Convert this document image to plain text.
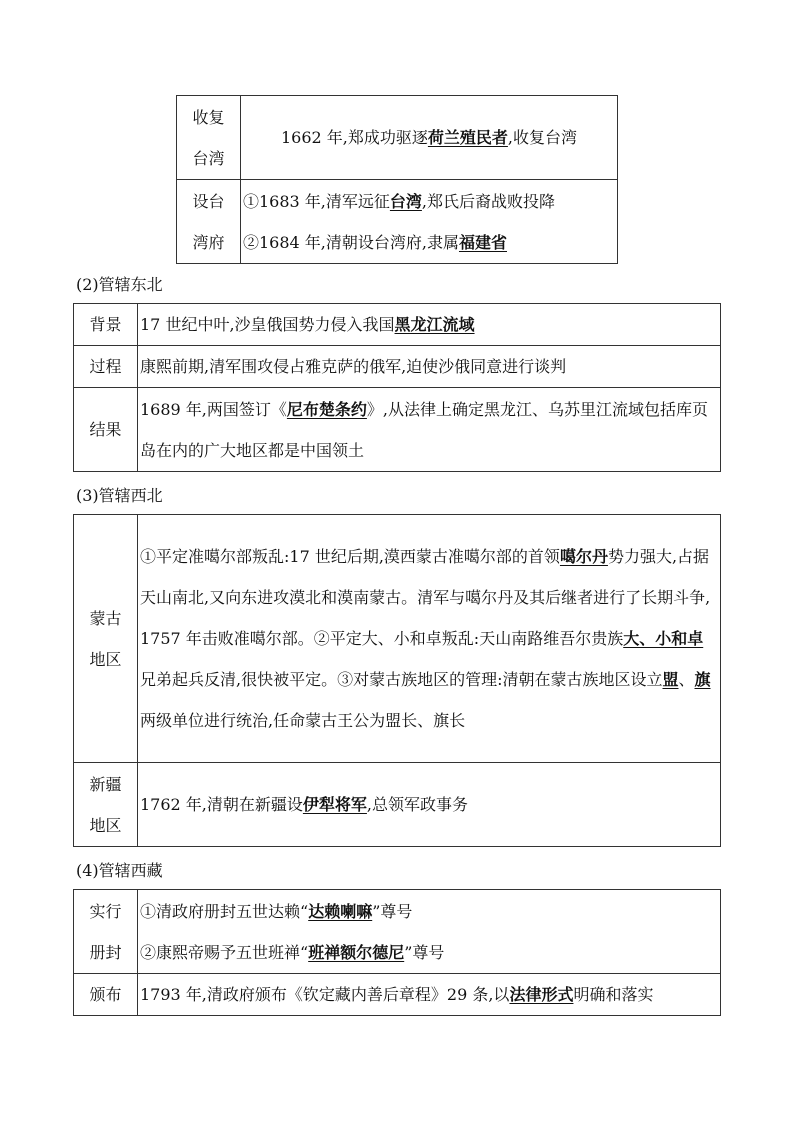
收复台湾	1662 年,郑成功驱逐荷兰殖民者,收复台湾
设台湾府	①1683 年,清军远征台湾,郑氏后裔战败投降
②1684 年,清朝设台湾府,隶属福建省
(2)管辖东北
背景	17 世纪中叶,沙皇俄国势力侵入我国黑龙江流域
过程	康熙前期,清军围攻侵占雅克萨的俄军,迫使沙俄同意进行谈判
结果	1689 年,两国签订《尼布楚条约》,从法律上确定黑龙江、乌苏里江流域包括库页岛在内的广大地区都是中国领土
(3)管辖西北
蒙古地区	①平定准噶尔部叛乱:17 世纪后期,漠西蒙古准噶尔部的首领噶尔丹势力强大,占据天山南北,又向东进攻漠北和漠南蒙古。清军与噶尔丹及其后继者进行了长期斗争, 1757 年击败准噶尔部。②平定大、小和卓叛乱:天山南路维吾尔贵族大、小和卓兄弟起兵反清,很快被平定。③对蒙古族地区的管理:清朝在蒙古族地区设立盟、旗两级单位进行统治,任命蒙古王公为盟长、旗长
新疆地区	1762 年,清朝在新疆设伊犁将军,总领军政事务
(4)管辖西藏
实行册封	①清政府册封五世达赖“达赖喇嘛”尊号
②康熙帝赐予五世班禅“班禅额尔德尼”尊号

颁布	1793 年,清政府颁布《钦定藏内善后章程》29 条,以法律形式明确和落实
